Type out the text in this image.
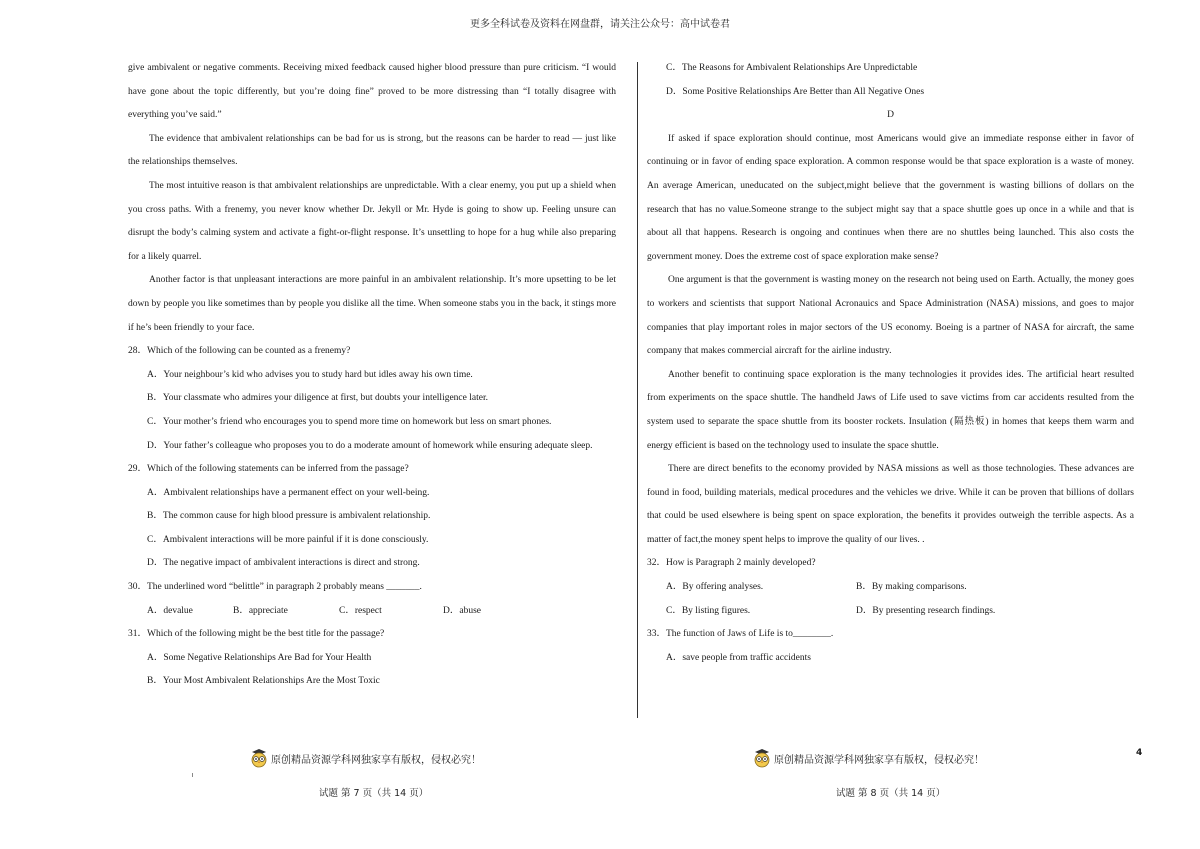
更多全科试卷及资料在网盘群，请关注公众号：高中试卷君

give ambivalent or negative comments. Receiving mixed feedback caused higher blood pressure than pure criticism. “I would have gone about the topic differently, but you’re doing fine” proved to be more distressing than “I totally disagree with everything you’ve said.”

The evidence that ambivalent relationships can be bad for us is strong, but the reasons can be harder to read — just like the relationships themselves.

The most intuitive reason is that ambivalent relationships are unpredictable. With a clear enemy, you put up a shield when you cross paths. With a frenemy, you never know whether Dr. Jekyll or Mr. Hyde is going to show up. Feeling unsure can disrupt the body’s calming system and activate a fight-or-flight response. It’s unsettling to hope for a hug while also preparing for a likely quarrel.

Another factor is that unpleasant interactions are more painful in an ambivalent relationship. It’s more upsetting to be let down by people you like sometimes than by people you dislike all the time. When someone stabs you in the back, it stings more if he’s been friendly to your face.

28．Which of the following can be counted as a frenemy?

A．Your neighbour’s kid who advises you to study hard but idles away his own time.

B．Your classmate who admires your diligence at first, but doubts your intelligence later.

C．Your mother’s friend who encourages you to spend more time on homework but less on smart phones.

D．Your father’s colleague who proposes you to do a moderate amount of homework while ensuring adequate sleep.

29．Which of the following statements can be inferred from the passage?

A．Ambivalent relationships have a permanent effect on your well-being.

B．The common cause for high blood pressure is ambivalent relationship.

C．Ambivalent interactions will be more painful if it is done consciously.

D．The negative impact of ambivalent interactions is direct and strong.

30．The underlined word “belittle” in paragraph 2 probably means _______.

A．devalue	B．appreciate	C．respect	D．abuse

31．Which of the following might be the best title for the passage?

A．Some Negative Relationships Are Bad for Your Health

B．Your Most Ambivalent Relationships Are the Most Toxic

C．The Reasons for Ambivalent Relationships Are Unpredictable

D．Some Positive Relationships Are Better than All Negative Ones

D

If asked if space exploration should continue, most Americans would give an immediate response either in favor of continuing or in favor of ending space exploration. A common response would be that space exploration is a waste of money. An average American, uneducated on the subject,might believe that the government is wasting billions of dollars on the research that has no value.Someone strange to the subject might say that a space shuttle goes up once in a while and that is about all that happens. Research is ongoing and continues when there are no shuttles being launched. This also costs the government money. Does the extreme cost of space exploration make sense?

One argument is that the government is wasting money on the research not being used on Earth. Actually, the money goes to workers and scientists that support National Acronauics and Space Administration (NASA) missions, and goes to major companies that play important roles in major sectors of the US economy. Boeing is a partner of NASA for aircraft, the same company that makes commercial aircraft for the airline industry.

Another benefit to continuing space exploration is the many technologies it provides ides. The artificial heart resulted from experiments on the space shuttle. The handheld Jaws of Life used to save victims from car accidents resulted from the system used to separate the space shuttle from its booster rockets. Insulation (隔热板) in homes that keeps them warm and energy efficient is based on the technology used to insulate the space shuttle.

There are direct benefits to the economy provided by NASA missions as well as those technologies. These advances are found in food, building materials, medical procedures and the vehicles we drive. While it can be proven that billions of dollars that could be used elsewhere is being spent on space exploration, the benefits it provides outweigh the terrible aspects. As a matter of fact,the money spent helps to improve the quality of our lives. .

32．How is Paragraph 2 mainly developed?

A．By offering analyses.	B．By making comparisons.
C．By listing figures.	D．By presenting research findings.

33．The function of Jaws of Life is to________.

A．save people from traffic accidents

原创精品资源学科网独家享有版权，侵权必究！	原创精品资源学科网独家享有版权，侵权必究！
4
试题 第 7 页（共 14 页）	试题 第 8 页（共 14 页）
